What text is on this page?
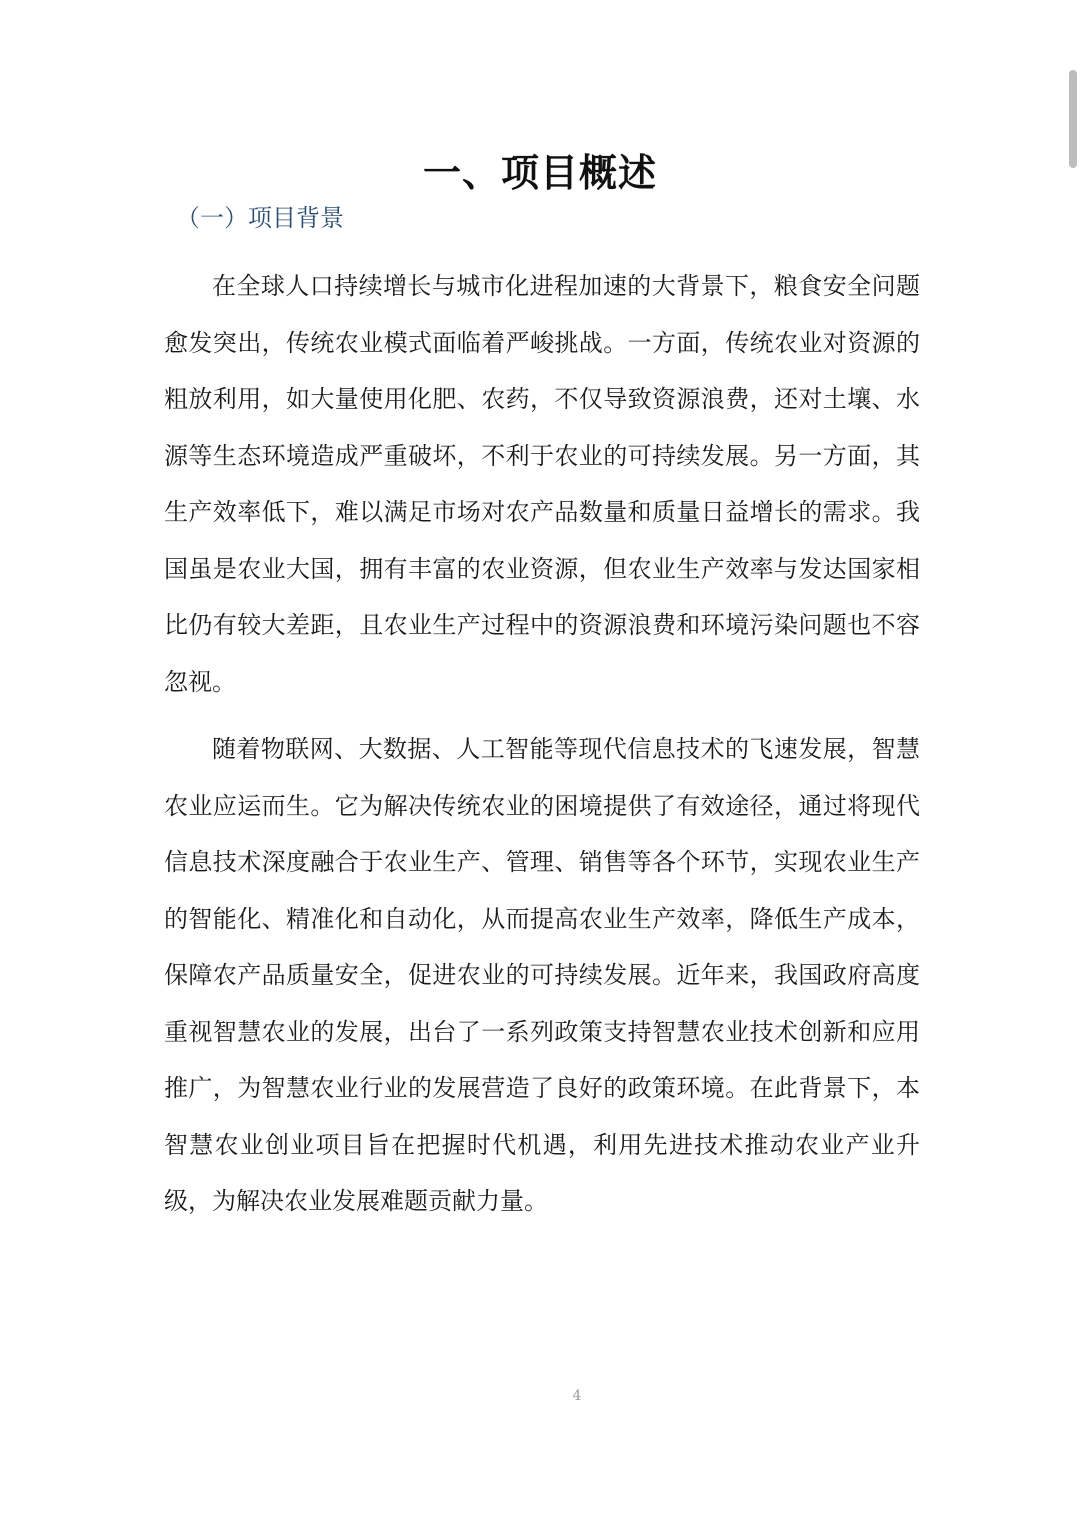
一、项目概述
（一）项目背景

在全球人口持续增长与城市化进程加速的大背景下，粮食安全问题愈发突出，传统农业模式面临着严峻挑战。一方面，传统农业对资源的粗放利用，如大量使用化肥、农药，不仅导致资源浪费，还对土壤、水源等生态环境造成严重破坏，不利于农业的可持续发展。另一方面，其生产效率低下，难以满足市场对农产品数量和质量日益增长的需求。我国虽是农业大国，拥有丰富的农业资源，但农业生产效率与发达国家相比仍有较大差距，且农业生产过程中的资源浪费和环境污染问题也不容忽视。

随着物联网、大数据、人工智能等现代信息技术的飞速发展，智慧农业应运而生。它为解决传统农业的困境提供了有效途径，通过将现代信息技术深度融合于农业生产、管理、销售等各个环节，实现农业生产的智能化、精准化和自动化，从而提高农业生产效率，降低生产成本，保障农产品质量安全，促进农业的可持续发展。近年来，我国政府高度重视智慧农业的发展，出台了一系列政策支持智慧农业技术创新和应用推广，为智慧农业行业的发展营造了良好的政策环境。在此背景下，本智慧农业创业项目旨在把握时代机遇，利用先进技术推动农业产业升级，为解决农业发展难题贡献力量。

4
